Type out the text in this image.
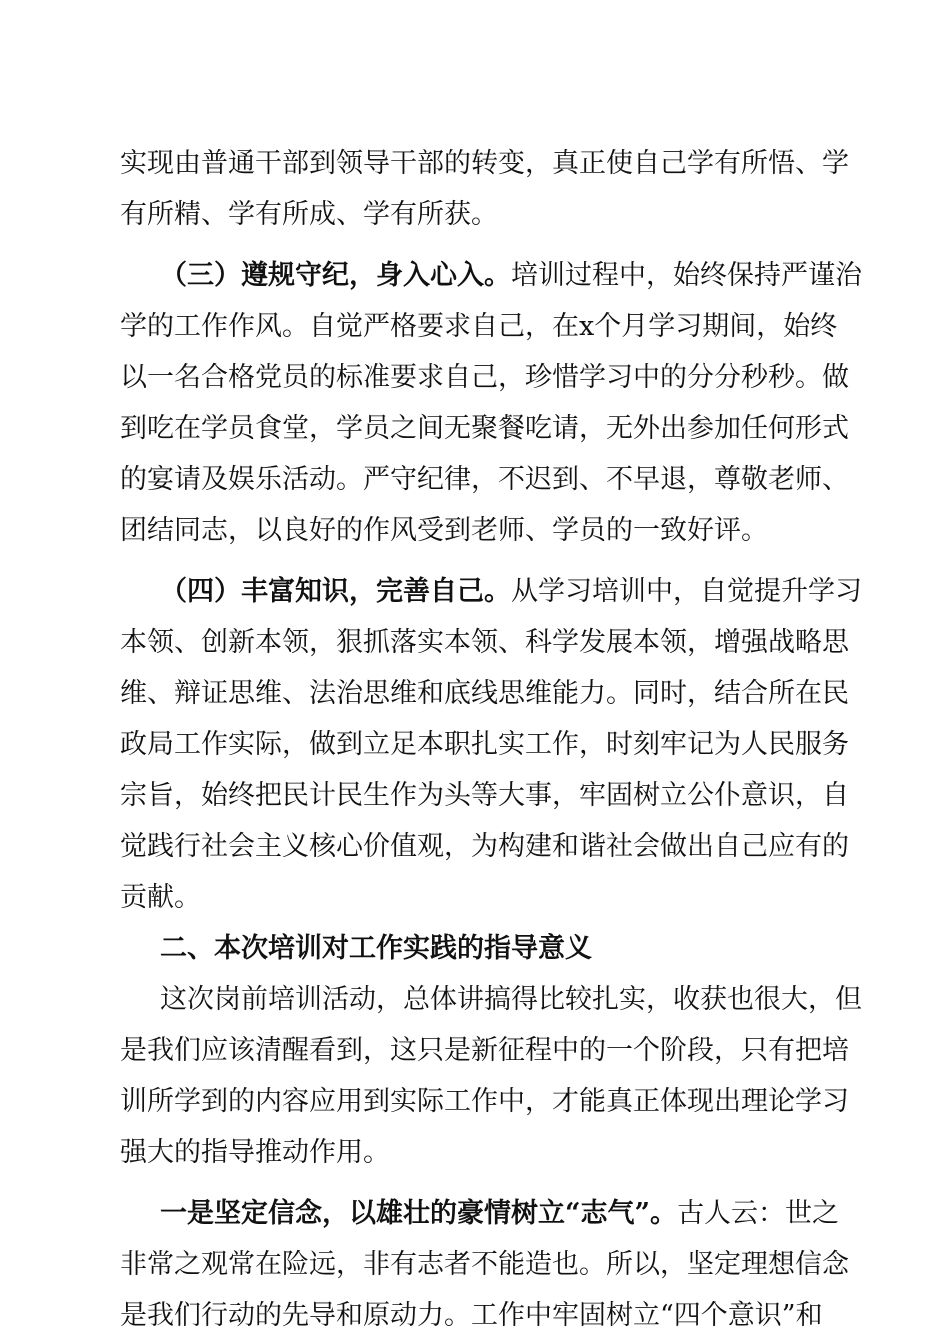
实现由普通干部到领导干部的转变，真正使自己学有所悟、学
有所精、学有所成、学有所获。
（三）遵规守纪，身入心入。培训过程中，始终保持严谨治
学的工作作风。自觉严格要求自己，在x个月学习期间，始终
以一名合格党员的标准要求自己，珍惜学习中的分分秒秒。做
到吃在学员食堂，学员之间无聚餐吃请，无外出参加任何形式
的宴请及娱乐活动。严守纪律，不迟到、不早退，尊敬老师、
团结同志，以良好的作风受到老师、学员的一致好评。
（四）丰富知识，完善自己。从学习培训中，自觉提升学习
本领、创新本领，狠抓落实本领、科学发展本领，增强战略思
维、辩证思维、法治思维和底线思维能力。同时，结合所在民
政局工作实际，做到立足本职扎实工作，时刻牢记为人民服务
宗旨，始终把民计民生作为头等大事，牢固树立公仆意识，自
觉践行社会主义核心价值观，为构建和谐社会做出自己应有的
贡献。
二、本次培训对工作实践的指导意义
这次岗前培训活动，总体讲搞得比较扎实，收获也很大，但
是我们应该清醒看到，这只是新征程中的一个阶段，只有把培
训所学到的内容应用到实际工作中，才能真正体现出理论学习
强大的指导推动作用。
一是坚定信念，以雄壮的豪情树立“志气”。古人云：世之
非常之观常在险远，非有志者不能造也。所以，坚定理想信念
是我们行动的先导和原动力。工作中牢固树立“四个意识”和
